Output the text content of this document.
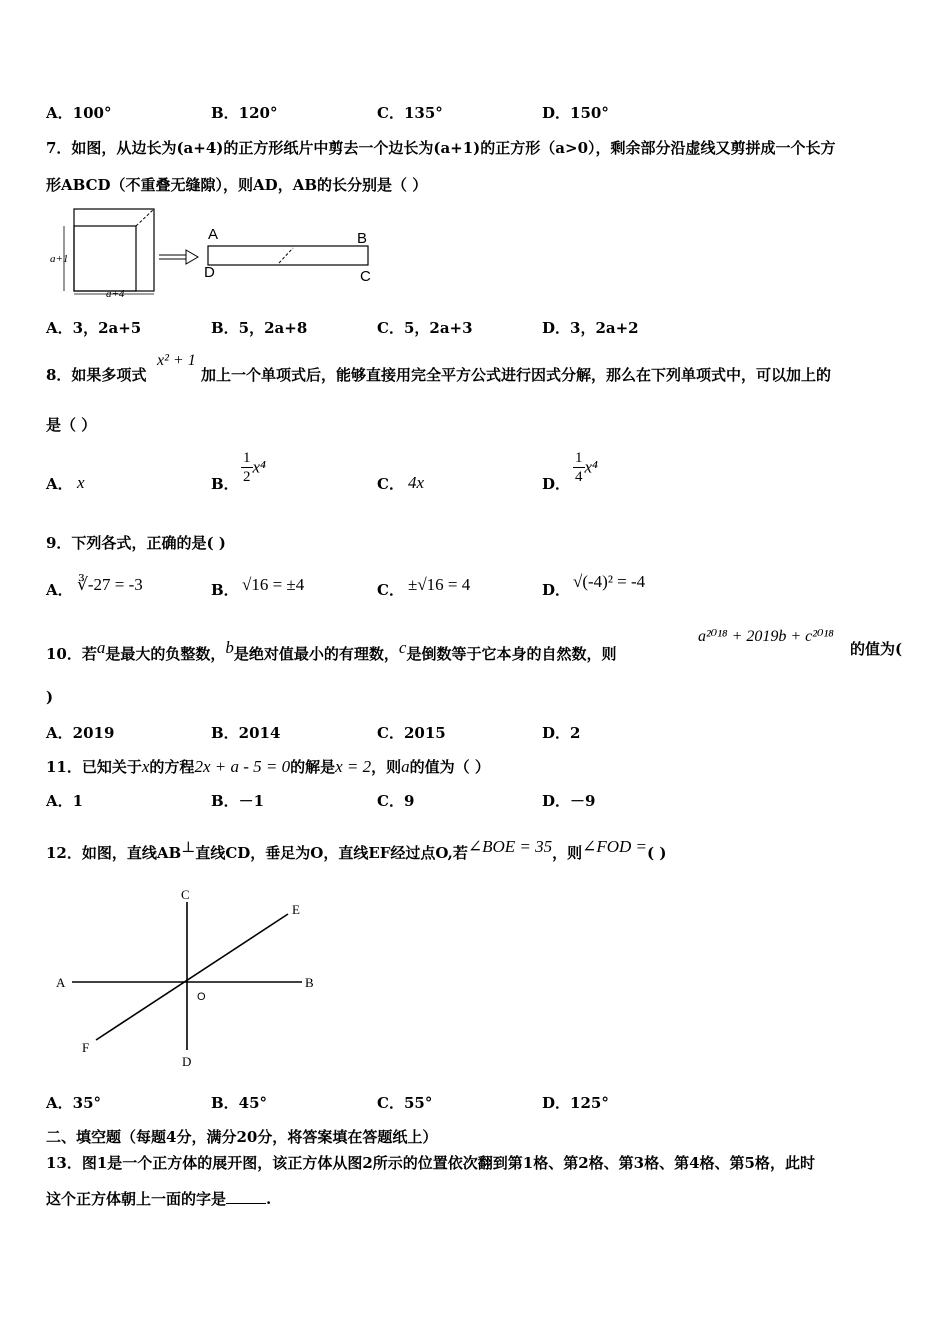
A．100°	B．120°	C．135°	D．150°
7．如图，从边长为(a+4)的正方形纸片中剪去一个边长为(a+1)的正方形（a>0），剩余部分沿虚线又剪拼成一个长方
形ABCD（不重叠无缝隙），则AD，AB的长分别是（ ）
a+1
a+4
A	B
C
D
A．3，2a+5	B．5，2a+8	C．5，2a+3	D．3，2a+2
8．如果多项式
x² + 1
加上一个单项式后，能够直接用完全平方公式进行因式分解，那么在下列单项式中，可以加上的
是（ ）
A． x	B． $\frac{1}{2} x^4$
C． 4x	D． $\frac{1}{4} x^4$
9．下列各式，正确的是( )
A． ∛-27 = -3	B． √16 = ±4	C． ±√16 = 4	D． √(-4)² = -4
10．若a是最大的负整数，b是绝对值最小的有理数，c是倒数等于它本身的自然数，则
a²⁰¹⁸ + 2019b + c²⁰¹⁸
的值为(
)
A．2019	B．2014	C．2015	D．2
11．已知关于x的方程2x + a - 5 = 0的解是x = 2，则a的值为（ ）
A．1	B．－1	C．9	D．－9
12．如图，直线AB⊥直线CD，垂足为O，直线EF经过点O,若∠BOE = 35，则∠FOD =( )
A	B
C
D
E
F
O
A．35°	B．45°	C．55°	D．125°
二、填空题（每题4分，满分20分，将答案填在答题纸上）
13．图1是一个正方体的展开图，该正方体从图2所示的位置依次翻到第1格、第2格、第3格、第4格、第5格，此时
这个正方体朝上一面的字是	.
